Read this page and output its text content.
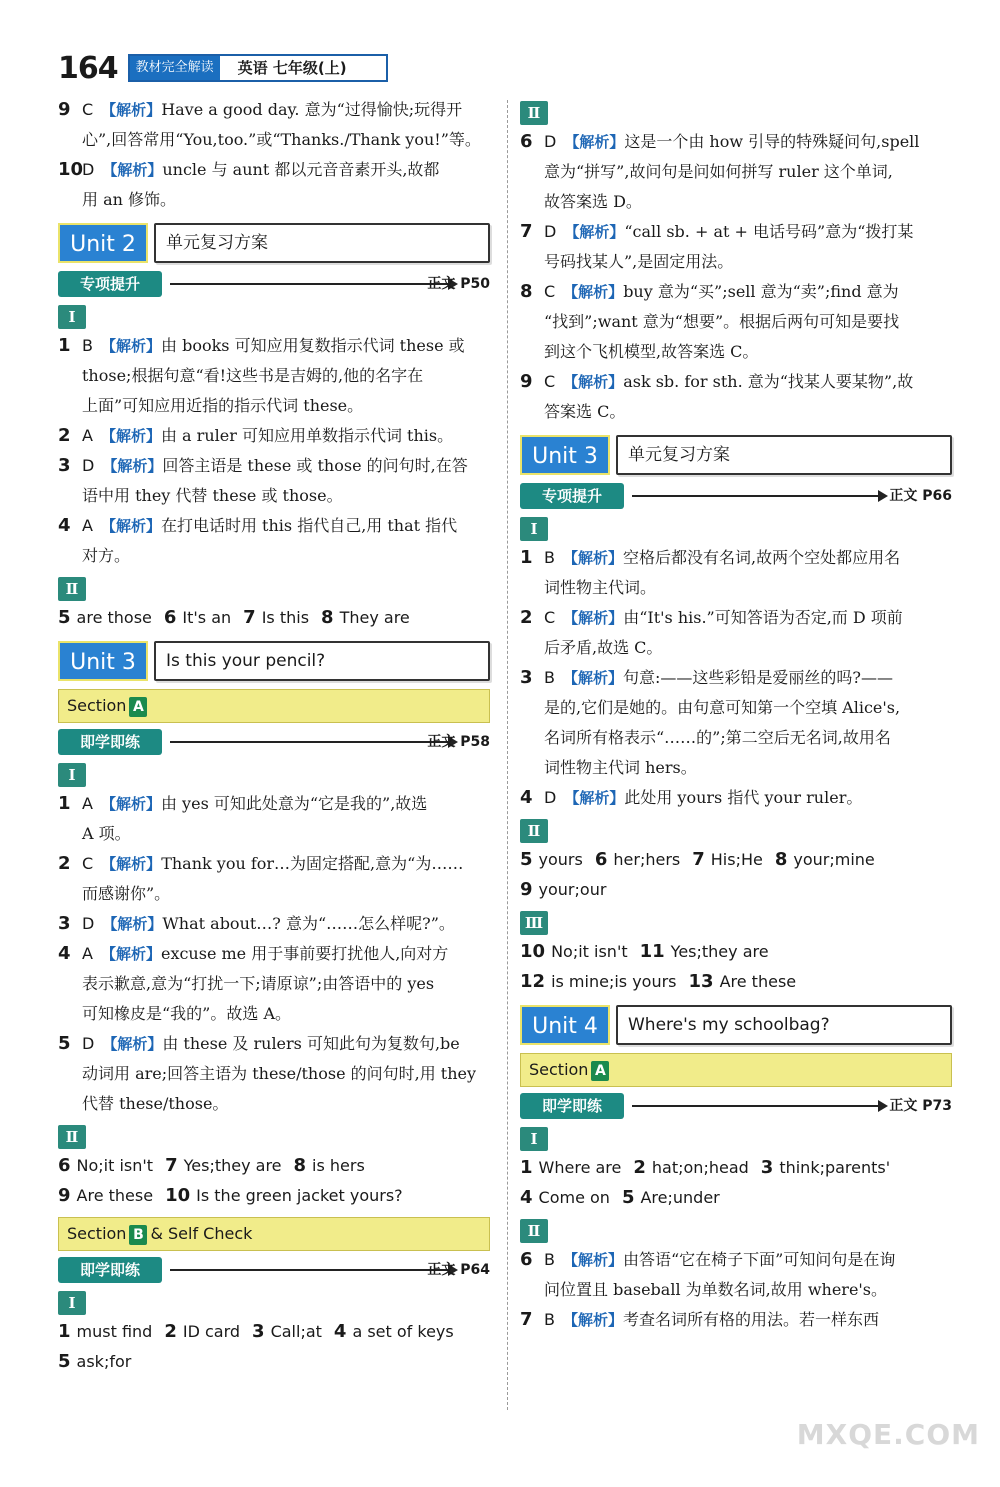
164	教材完全解读	英语 七年级(上)
9 C 【解析】Have a good day. 意为“过得愉快;玩得开
心”,回答常用“You,too.”或“Thanks./Thank you!”等。
10
D 【解析】uncle 与 aunt 都以元音音素开头,故都
用 an 修饰。
Unit 2	单元复习方案
专项提升	正文 P50
Ⅰ
1 B 【解析】由 books 可知应用复数指示代词 these 或
those;根据句意“看!这些书是吉姆的,他的名字在
上面”可知应用近指的指示代词 these。
2 A 【解析】由 a ruler 可知应用单数指示代词 this。
3 D 【解析】回答主语是 these 或 those 的问句时,在答
语中用 they 代替 these 或 those。
4 A 【解析】在打电话时用 this 指代自己,用 that 指代
对方。
Ⅱ
5 are those 6 It's an 7 Is this 8 They are
Unit 3	Is this your pencil?
Section A
即学即练	正文 P58
Ⅰ
1 A 【解析】由 yes 可知此处意为“它是我的”,故选
A 项。
2 C 【解析】Thank you for…为固定搭配,意为“为……
而感谢你”。
3 D 【解析】What about…? 意为“……怎么样呢?”。
4 A 【解析】excuse me 用于事前要打扰他人,向对方
表示歉意,意为“打扰一下;请原谅”;由答语中的 yes
可知橡皮是“我的”。故选 A。
5 D 【解析】由 these 及 rulers 可知此句为复数句,be
动词用 are;回答主语为 these/those 的问句时,用 they
代替 these/those。
Ⅱ
6 No;it isn't 7 Yes;they are 8 is hers
9 Are these 10 Is the green jacket yours?
Section B & Self Check
即学即练	正文 P64
Ⅰ
1 must find 2 ID card 3 Call;at 4 a set of keys
5 ask;for
Ⅱ
6 D 【解析】这是一个由 how 引导的特殊疑问句,spell
意为“拼写”,故问句是问如何拼写 ruler 这个单词,
故答案选 D。
7 D 【解析】“call sb. + at + 电话号码”意为“拨打某
号码找某人”,是固定用法。
8 C 【解析】buy 意为“买”;sell 意为“卖”;find 意为
“找到”;want 意为“想要”。根据后两句可知是要找
到这个飞机模型,故答案选 C。
9 C 【解析】ask sb. for sth. 意为“找某人要某物”,故
答案选 C。
Unit 3	单元复习方案
专项提升	正文 P66
Ⅰ
1 B 【解析】空格后都没有名词,故两个空处都应用名
词性物主代词。
2 C 【解析】由“It's his.”可知答语为否定,而 D 项前
后矛盾,故选 C。
3 B 【解析】句意:——这些彩铅是爱丽丝的吗?——
是的,它们是她的。由句意可知第一个空填 Alice's,
名词所有格表示“……的”;第二空后无名词,故用名
词性物主代词 hers。
4 D 【解析】此处用 yours 指代 your ruler。
Ⅱ
5 yours 6 her;hers 7 His;He 8 your;mine
9 your;our
Ⅲ
10 No;it isn't 11 Yes;they are
12 is mine;is yours 13 Are these
Unit 4	Where's my schoolbag?
Section A
即学即练	正文 P73
Ⅰ
1 Where are 2 hat;on;head 3 think;parents'
4 Come on 5 Are;under
Ⅱ
6 B 【解析】由答语“它在椅子下面”可知问句是在询
问位置且 baseball 为单数名词,故用 where's。
7 B 【解析】考查名词所有格的用法。若一样东西
MXQE.COM
